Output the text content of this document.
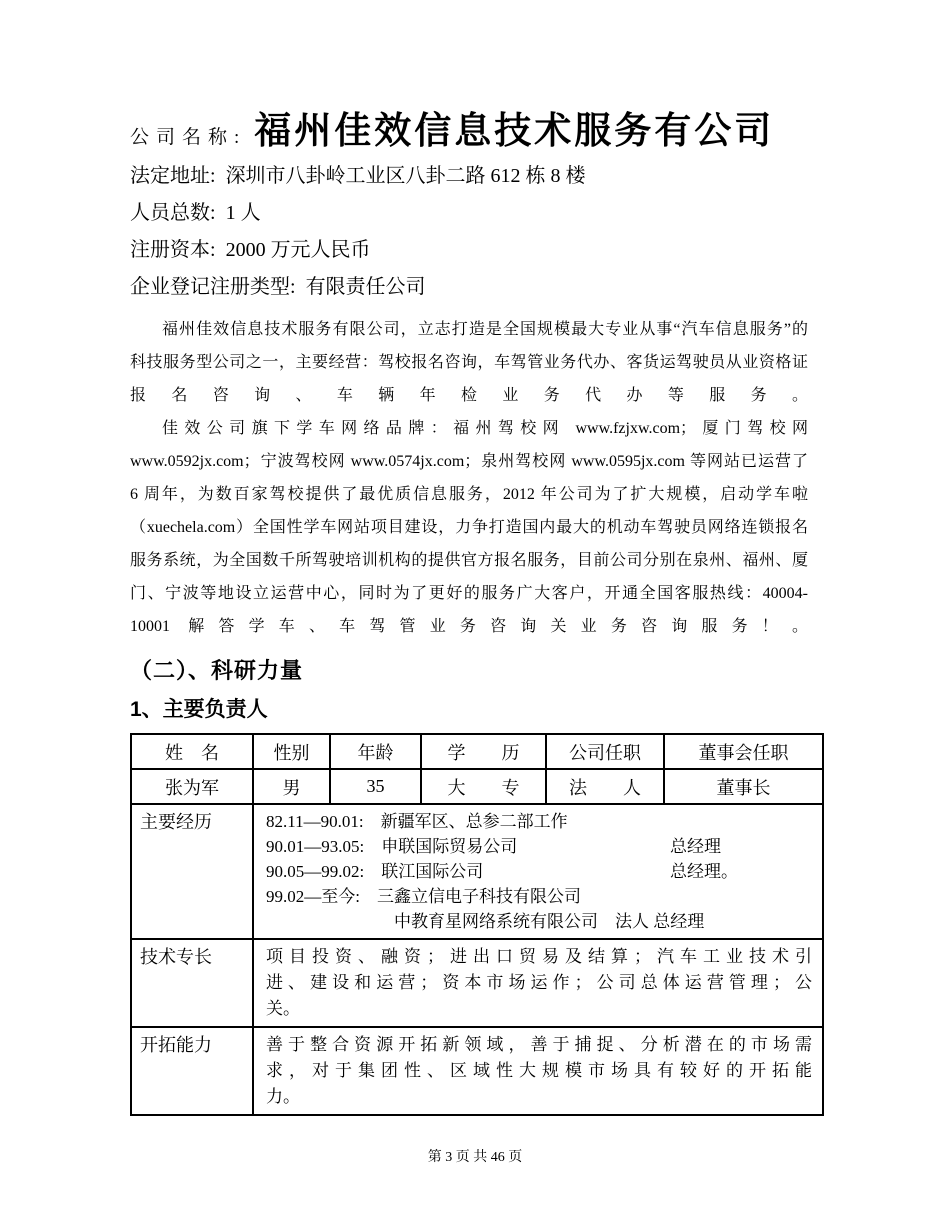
公司名称: 福州佳效信息技术服务有公司
法定地址: 深圳市八卦岭工业区八卦二路 612 栋 8 楼
人员总数: 1 人
注册资本: 2000 万元人民币
企业登记注册类型: 有限责任公司
福州佳效信息技术服务有限公司，立志打造是全国规模最大专业从事“汽车信息服务”的
科技服务型公司之一，主要经营：驾校报名咨询，车驾管业务代办、客货运驾驶员从业资格证
报名咨询、车辆年检业务代办等服务。
佳效公司旗下学车网络品牌：福州驾校网 www.fzjxw.com；厦门驾校网
www.0592jx.com；宁波驾校网 www.0574jx.com；泉州驾校网 www.0595jx.com 等网站已运营了
6 周年，为数百家驾校提供了最优质信息服务，2012 年公司为了扩大规模，启动学车啦
（xuechela.com）全国性学车网站项目建设，力争打造国内最大的机动车驾驶员网络连锁报名
服务系统，为全国数千所驾驶培训机构的提供官方报名服务，目前公司分别在泉州、福州、厦
门、宁波等地设立运营中心，同时为了更好的服务广大客户，开通全国客服热线：40004-
10001 解答学车、车驾管业务咨询关业务咨询服务！。
（二）、科研力量
1、主要负责人
姓　名	性别	年龄	学　　历	公司任职	董事会任职
张为军	男	35	大　　专	法　　人	董事长
主要经历	82.11—90.01:　新疆军区、总参二部工作
90.01—93.05:　申联国际贸易公司	总经理
90.05—99.02:　联江国际公司	总经理。
99.02—至今:　三鑫立信电子科技有限公司
中教育星网络系统有限公司　法人 总经理

技术专长	项目投资、融资；进出口贸易及结算；汽车工业技术引
进、建设和运营；资本市场运作；公司总体运营管理；公
关。				

开拓能力	善于整合资源开拓新领域，善于捕捉、分析潜在的市场需
求，对于集团性、区域性大规模市场具有较好的开拓能
力。				
第 3 页 共 46 页
